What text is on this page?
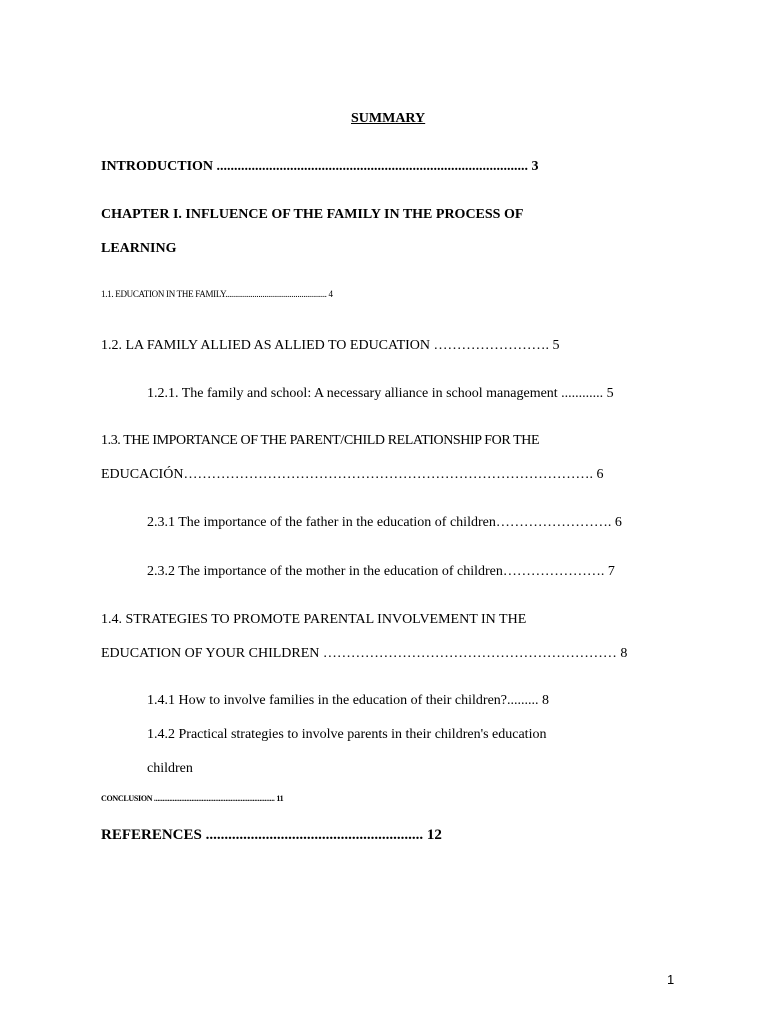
SUMMARY
INTRODUCTION ......................................................................................... 3
CHAPTER I. INFLUENCE OF THE FAMILY IN THE PROCESS OF
LEARNING
1.1. EDUCATION IN THE FAMILY.................................................... 4
1.2. LA FAMILY ALLIED AS ALLIED TO EDUCATION ……………………. 5
1.2.1. The family and school: A necessary alliance in school management ............ 5
1.3. THE IMPORTANCE OF THE PARENT/CHILD RELATIONSHIP FOR THE
EDUCACIÓN……………………………………………………………………………. 6
2.3.1 The importance of the father in the education of children……………………. 6
2.3.2 The importance of the mother in the education of children…………………. 7
1.4. STRATEGIES TO PROMOTE PARENTAL INVOLVEMENT IN THE
EDUCATION OF YOUR CHILDREN ……………………………………………………… 8
1.4.1 How to involve families in the education of their children?......... 8
1.4.2 Practical strategies to involve parents in their children's education
children
CONCLUSION ....................................................................... 11
REFERENCES .......................................................... 12
1
